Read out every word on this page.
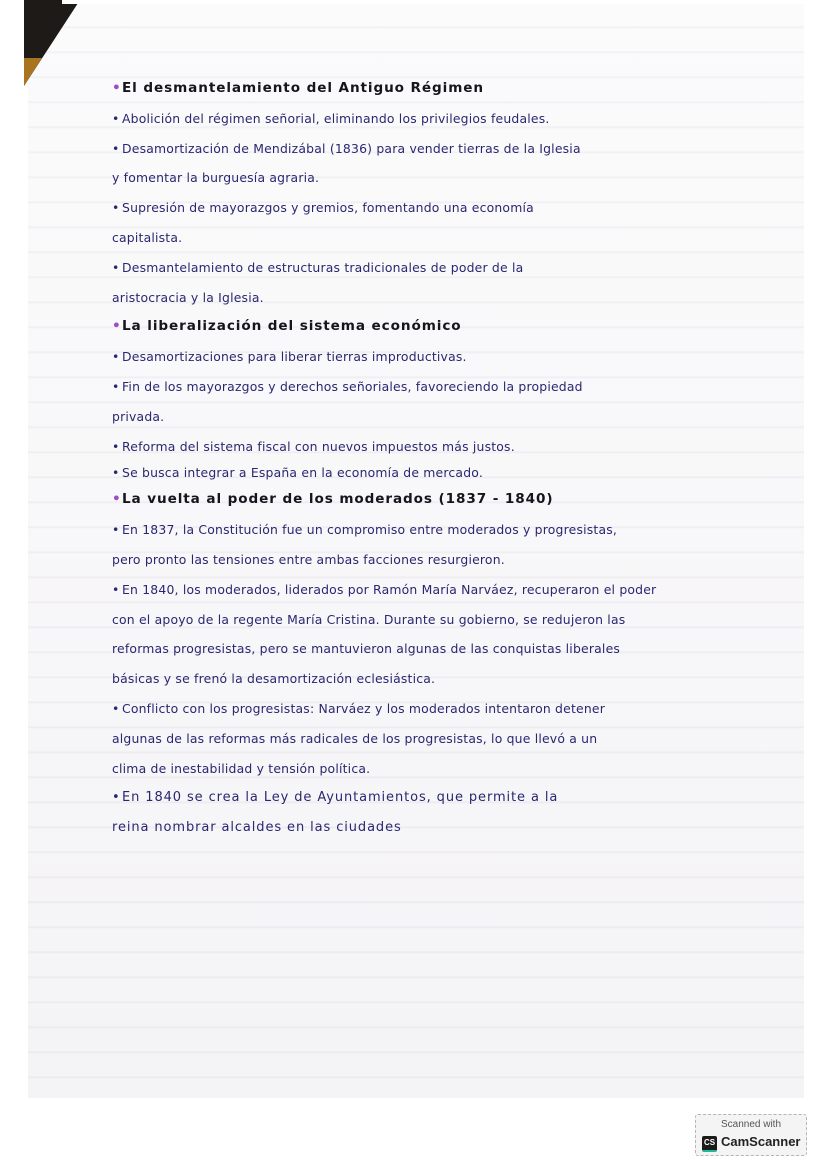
•El desmantelamiento del Antiguo Régimen
• Abolición del régimen señorial, eliminando los privilegios feudales.
• Desamortización de Mendizábal (1836) para vender tierras de la Iglesia
y fomentar la burguesía agraria.
• Supresión de mayorazgos y gremios, fomentando una economía
capitalista.
• Desmantelamiento de estructuras tradicionales de poder de la
aristocracia y la Iglesia.
•La liberalización del sistema económico
• Desamortizaciones para liberar tierras improductivas.
• Fin de los mayorazgos y derechos señoriales, favoreciendo la propiedad
privada.
• Reforma del sistema fiscal con nuevos impuestos más justos.
• Se busca integrar a España en la economía de mercado.
•La vuelta al poder de los moderados (1837 - 1840)
• En 1837, la Constitución fue un compromiso entre moderados y progresistas,
pero pronto las tensiones entre ambas facciones resurgieron.
• En 1840, los moderados, liderados por Ramón María Narváez, recuperaron el poder
con el apoyo de la regente María Cristina. Durante su gobierno, se redujeron las
reformas progresistas, pero se mantuvieron algunas de las conquistas liberales
básicas y se frenó la desamortización eclesiástica.
• Conflicto con los progresistas: Narváez y los moderados intentaron detener
algunas de las reformas más radicales de los progresistas, lo que llevó a un
clima de inestabilidad y tensión política.
•En 1840 se crea la Ley de Ayuntamientos, que permite a la
reina nombrar alcaldes en las ciudades
Scanned with
CS CamScanner
